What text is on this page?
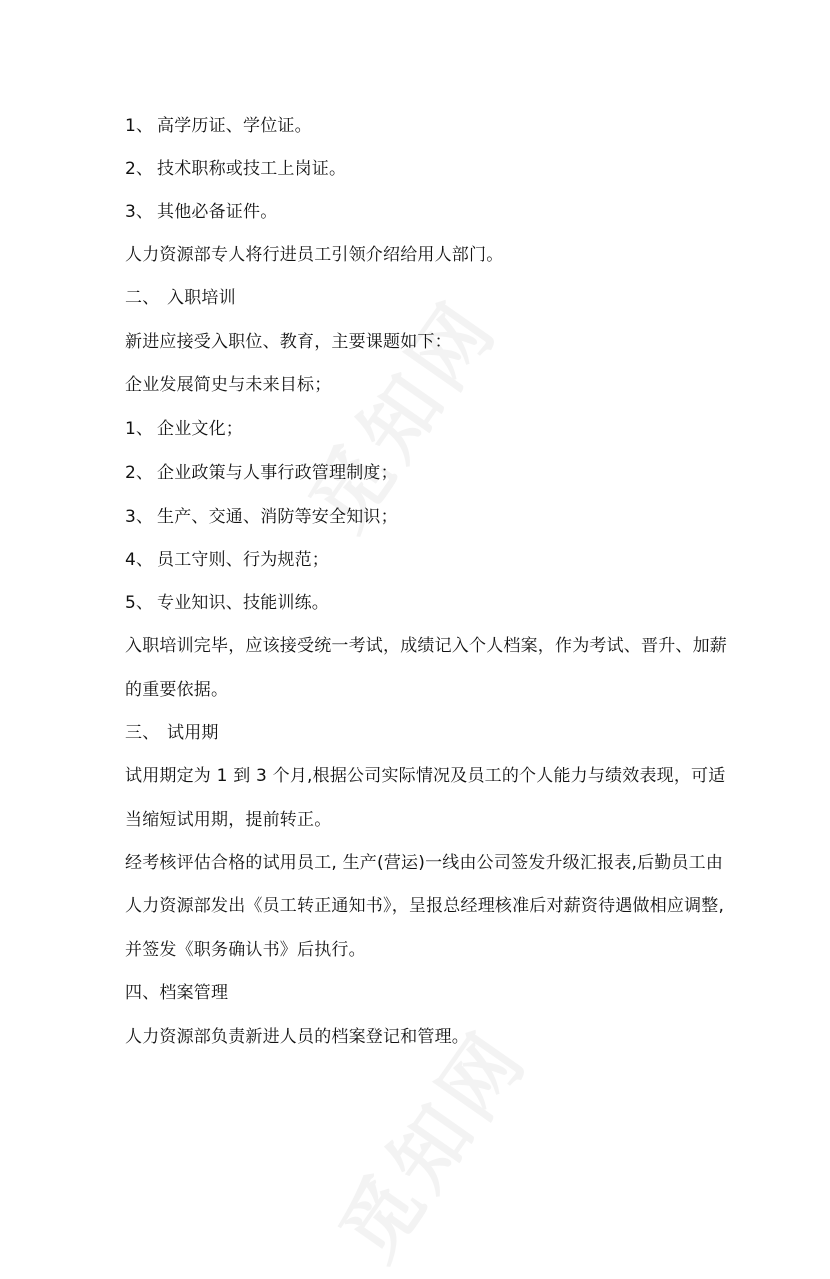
1、 高学历证、学位证。
2、 技术职称或技工上岗证。
3、 其他必备证件。
人力资源部专人将行进员工引领介绍给用人部门。
二、 入职培训
新进应接受入职位、教育，主要课题如下：
企业发展简史与未来目标；
1、 企业文化；
2、 企业政策与人事行政管理制度；
3、 生产、交通、消防等安全知识；
4、 员工守则、行为规范；
5、 专业知识、技能训练。
入职培训完毕，应该接受统一考试，成绩记入个人档案，作为考试、晋升、加薪
的重要依据。
三、 试用期
试用期定为 1 到 3 个月,根据公司实际情况及员工的个人能力与绩效表现，可适
当缩短试用期，提前转正。
经考核评估合格的试用员工, 生产(营运)一线由公司签发升级汇报表,后勤员工由
人力资源部发出《员工转正通知书》，呈报总经理核准后对薪资待遇做相应调整,
并签发《职务确认书》后执行。
四、档案管理
人力资源部负责新进人员的档案登记和管理。
